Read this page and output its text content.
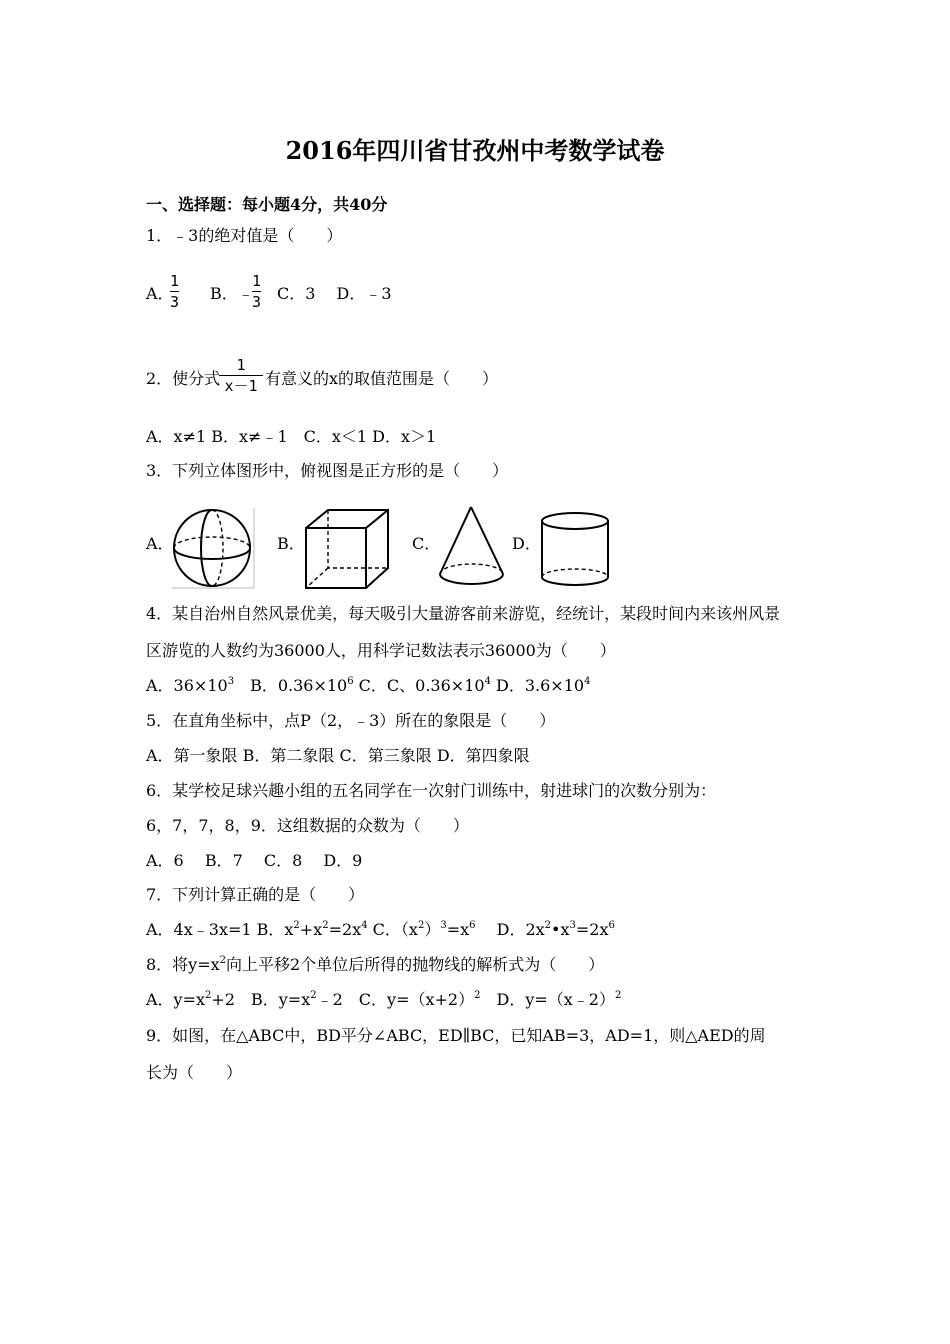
2016年四川省甘孜州中考数学试卷
一、选择题：每小题4分，共40分
1．﹣3的绝对值是（　　）
A．
1
3 B．﹣
1
3 C．3　 D．﹣3
2．使分式
1
x－1 有意义的x的取值范围是（　　）
A．x≠1 B．x≠﹣1　C．x＜1 D．x＞1
3．下列立体图形中，俯视图是正方形的是（　　）
A．	B．	C．	D．
4．某自治州自然风景优美，每天吸引大量游客前来游览，经统计，某段时间内来该州风景
区游览的人数约为36000人，用科学记数法表示36000为（　　）
A．$36\times 10^3$　B．$0.36\times 10^6$ C．C、$0.36\times 10^4$ D．$3.6\times 10^4$
5．在直角坐标中，点P（2，﹣3）所在的象限是（　　）
A．第一象限 B．第二象限 C．第三象限 D．第四象限
6．某学校足球兴趣小组的五名同学在一次射门训练中，射进球门的次数分别为：
6，7，7，8，9．这组数据的众数为（　　）
A．6　 B．7　 C．8　 D．9
7．下列计算正确的是（　　）
A．4x﹣3x=1 B．$x^2+x^2=2x^4$ C．$(x^2)^3=x^6$　 D．$2x^2•x^3=2x^6$
8．将$y=x^2$向上平移2个单位后所得的抛物线的解析式为（　　）
A．$y=x^2+2$　B．$y=x^2﹣2$　C．$y=(x+2)^2$　D．y=（x﹣2）$^2$
9．如图，在△ABC中，BD平分∠ABC，ED∥BC，已知AB=3，AD=1，则△AED的周
长为（　　）
